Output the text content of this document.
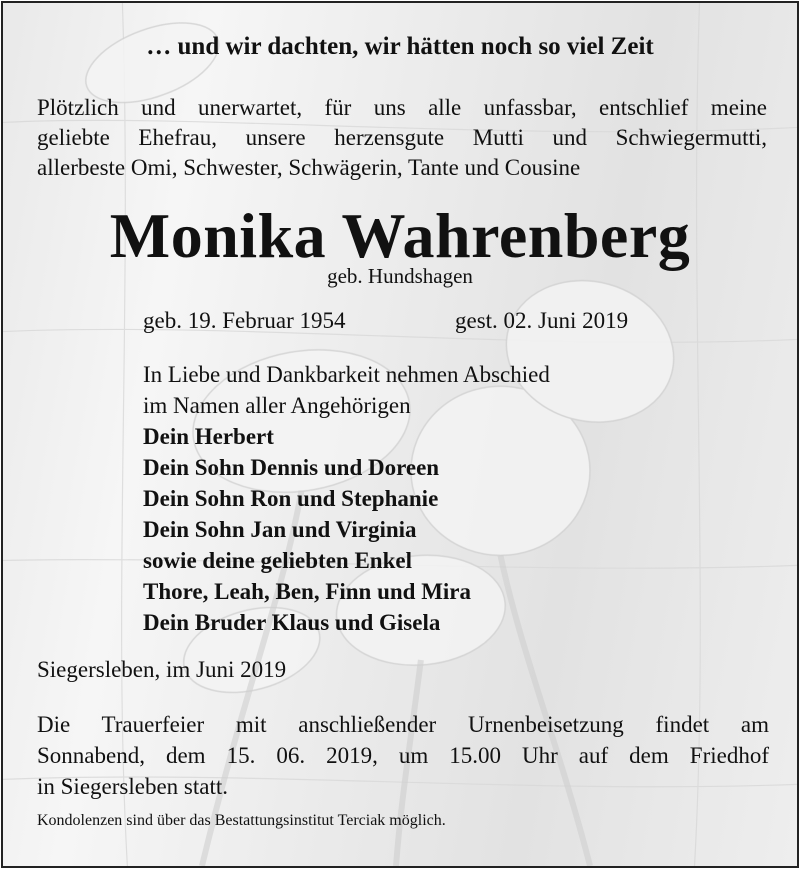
… und wir dachten, wir hätten noch so viel Zeit

Plötzlich und unerwartet, für uns alle unfassbar, entschlief meine
geliebte Ehefrau, unsere herzensgute Mutti und Schwiegermutti,
allerbeste Omi, Schwester, Schwägerin, Tante und Cousine

Monika Wahrenberg

geb. Hundshagen

geb. 19. Februar 1954	gest. 02. Juni 2019

In Liebe und Dankbarkeit nehmen Abschied
im Namen aller Angehörigen
Dein Herbert
Dein Sohn Dennis und Doreen
Dein Sohn Ron und Stephanie
Dein Sohn Jan und Virginia
sowie deine geliebten Enkel
Thore, Leah, Ben, Finn und Mira
Dein Bruder Klaus und Gisela

Siegersleben, im Juni 2019

Die Trauerfeier mit anschließender Urnenbeisetzung findet am
Sonnabend, dem 15. 06. 2019, um 15.00 Uhr auf dem Friedhof
in Siegersleben statt.

Kondolenzen sind über das Bestattungsinstitut Terciak möglich.
